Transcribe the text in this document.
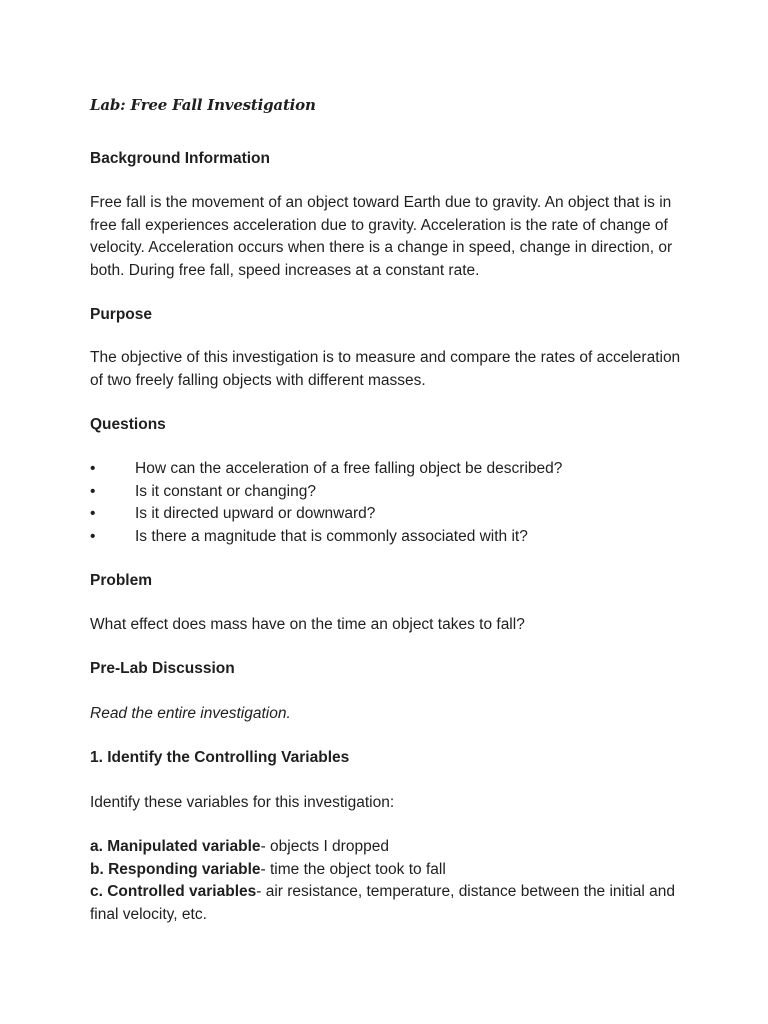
Lab: Free Fall Investigation

Background Information

Free fall is the movement of an object toward Earth due to gravity. An object that is in free fall experiences acceleration due to gravity. Acceleration is the rate of change of velocity. Acceleration occurs when there is a change in speed, change in direction, or both. During free fall, speed increases at a constant rate.

Purpose

The objective of this investigation is to measure and compare the rates of acceleration of two freely falling objects with different masses.

Questions

•	How can the acceleration of a free falling object be described?
•	Is it constant or changing?
•	Is it directed upward or downward?
•	Is there a magnitude that is commonly associated with it?

Problem

What effect does mass have on the time an object takes to fall?

Pre-Lab Discussion

Read the entire investigation.

1. Identify the Controlling Variables

Identify these variables for this investigation:

a. Manipulated variable- objects I dropped
b. Responding variable- time the object took to fall
c. Controlled variables- air resistance, temperature, distance between the initial and final velocity, etc.
